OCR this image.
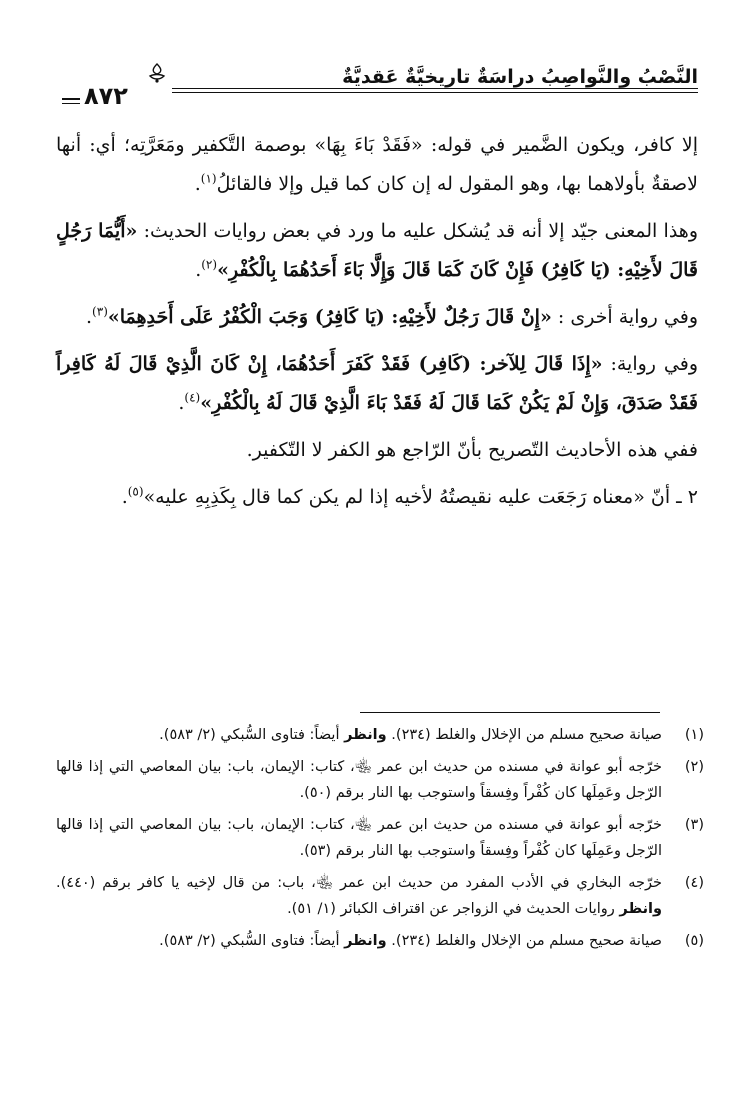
النَّصْبُ والنَّواصِبُ دراسَةٌ تاريخيَّةٌ عَقديَّةٌ
٨٧٢

إلا كافر، ويكون الضَّمير في قوله: «فَقَدْ بَاءَ بِهَا» بوصمة التَّكفير ومَعَرَّتِه؛ أي: أنها لاصقةٌ بأولاهما بها، وهو المقول له إن كان كما قيل وإلا فالقائلُ$^{(١)}$.

وهذا المعنى جيّد إلا أنه قد يُشكل عليه ما ورد في بعض روايات الحديث: «أَيُّمَا رَجُلٍ قَالَ لأَخِيْهِ: (يَا كَافِرُ) فَإِنْ كَانَ كَمَا قَالَ وَإِلَّا بَاءَ أَحَدُهُمَا بِالْكُفْرِ»$^{(٢)}$.

وفي رواية أخرى : «إِنْ قَالَ رَجُلٌ لأَخِيْهِ: (يَا كَافِرُ) وَجَبَ الْكُفْرُ عَلَى أَحَدِهِمَا»$^{(٣)}$.

وفي رواية: «إِذَا قَالَ لِلآخر: (كَافِر) فَقَدْ كَفَرَ أَحَدُهُمَا، إِنْ كَانَ الَّذِيْ قَالَ لَهُ كَافِراً فَقَدْ صَدَقَ، وَإِنْ لَمْ يَكُنْ كَمَا قَالَ لَهُ فَقَدْ بَاءَ الَّذِيْ قَالَ لَهُ بِالْكُفْرِ»$^{(٤)}$.

ففي هذه الأحاديث التّصريح بأنّ الرّاجع هو الكفر لا التّكفير.

٢ ـ أنّ «معناه رَجَعَت عليه نقيصتُهُ لأخيه إذا لم يكن كما قال بِكَذِبِهِ عليه»$^{(٥)}$.

(١)
صيانة صحيح مسلم من الإخلال والغلط (٢٣٤). وانظر أيضاً: فتاوى السُّبكي (٢/ ٥٨٣).
(٢)
خرّجه أبو عوانة في مسنده من حديث ابن عمر ﵄، كتاب: الإيمان، باب: بيان المعاصي التي إذا قالها الرّجل وعَمِلَها كان كُفْراً وفِسقاً واستوجب بها النار برقم (٥٠).
(٣)
خرّجه أبو عوانة في مسنده من حديث ابن عمر ﵄، كتاب: الإيمان، باب: بيان المعاصي التي إذا قالها الرّجل وعَمِلَها كان كُفْراً وفِسقاً واستوجب بها النار برقم (٥٣).
(٤)
خرّجه البخاري في الأدب المفرد من حديث ابن عمر ﵄، باب: من قال لإخيه يا كافر برقم (٤٤٠). وانظر روايات الحديث في الزواجر عن اقتراف الكبائر (١/ ٥١).
(٥)
صيانة صحيح مسلم من الإخلال والغلط (٢٣٤). وانظر أيضاً: فتاوى السُّبكي (٢/ ٥٨٣).
